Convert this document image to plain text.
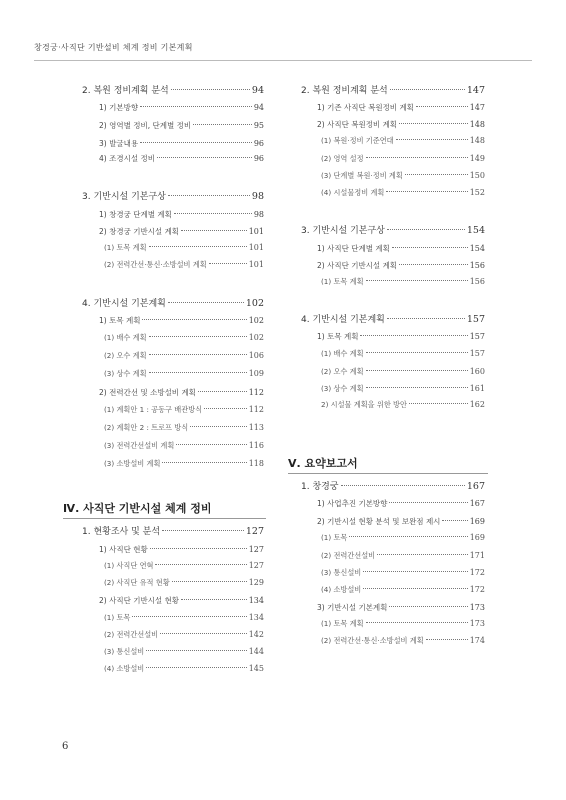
창경궁·사직단 기반설비 체계 정비 기본계획
2. 복원 정비계획 분석	94
1) 기본방향	94
2) 영역별 정비, 단계별 정비	95
3) 발굴내용	96
4) 조경시설 정비	96
3. 기반시설 기본구상	98
1) 창경궁 단계별 계획	98
2) 창경궁 기반시설 계획	101
(1) 토목 계획	101
(2) 전력간선·통신·소방설비 계획	101
4. 기반시설 기본계획	102
1) 토목 계획	102
(1) 배수 계획	102
(2) 오수 계획	106
(3) 상수 계획	109
2) 전력간선 및 소방설비 계획	112
(1) 계획안 1 : 공동구 배관방식	112
(2) 계획안 2 : 트로프 방식	113
(3) 전력간선설비 계획	116
(3) 소방설비 계획	118
Ⅳ. 사직단 기반시설 체계 정비
1. 현황조사 및 분석	127
1) 사직단 현황	127
(1) 사직단 연혁	127
(2) 사직단 유적 현황	129
2) 사직단 기반시설 현황	134
(1) 토목	134
(2) 전력간선설비	142
(3) 통신설비	144
(4) 소방설비	145
2. 복원 정비계획 분석	147
1) 기존 사직단 복원정비 계획	147
2) 사직단 복원정비 계획	148
(1) 복원·정비 기준연대	148
(2) 영역 설정	149
(3) 단계별 복원·정비 계획	150
(4) 시설물정비 계획	152
3. 기반시설 기본구상	154
1) 사직단 단계별 계획	154
2) 사직단 기반시설 계획	156
(1) 토목 계획	156
4. 기반시설 기본계획	157
1) 토목 계획	157
(1) 배수 계획	157
(2) 오수 계획	160
(3) 상수 계획	161
2) 시설물 계획을 위한 방안	162
Ⅴ. 요약보고서
1. 창경궁	167
1) 사업추진 기본방향	167
2) 기반시설 현황 분석 및 보완점 제시	169
(1) 토목	169
(2) 전력간선설비	171
(3) 통신설비	172
(4) 소방설비	172
3) 기반시설 기본계획	173
(1) 토목 계획	173
(2) 전력간선·통신·소방설비 계획	174
6
